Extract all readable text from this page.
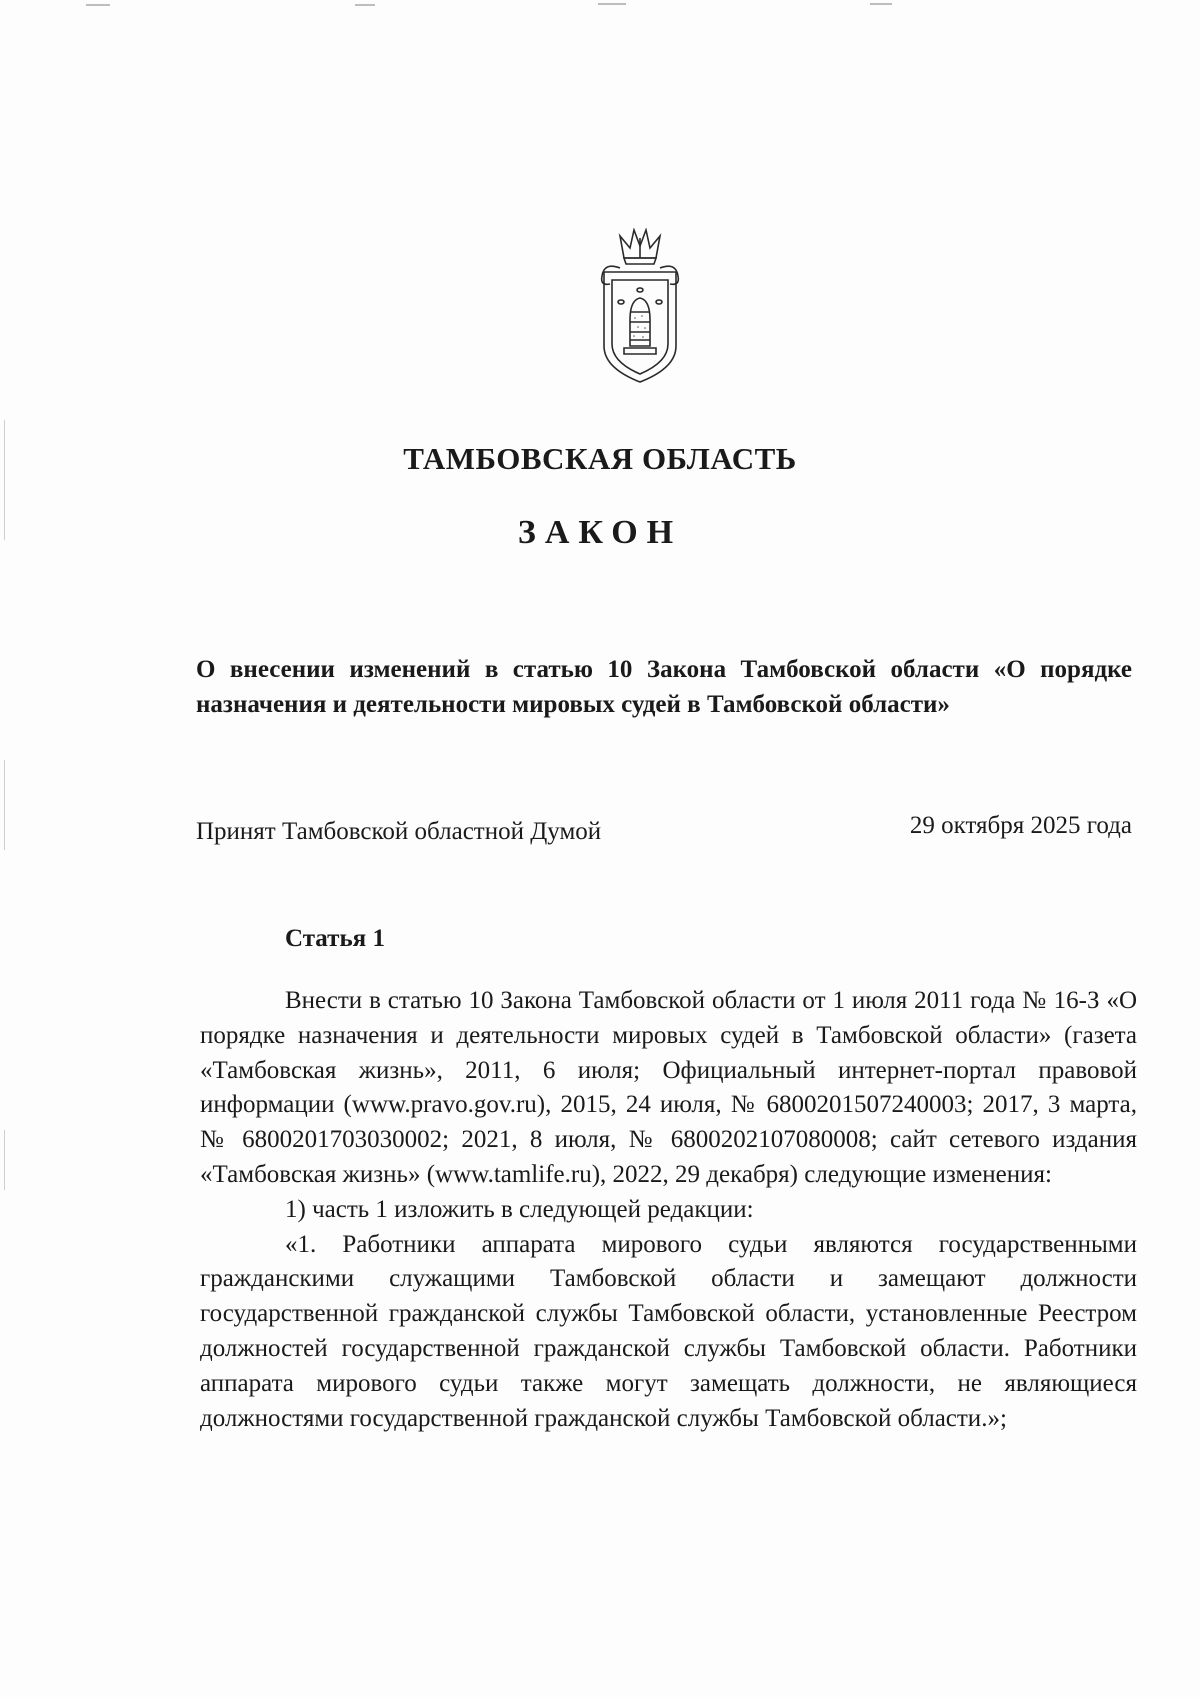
ТАМБОВСКАЯ ОБЛАСТЬ
ЗАКОН
О внесении изменений в статью 10 Закона Тамбовской области «О порядке назначения и деятельности мировых судей в Тамбовской области»
Принят Тамбовской областной Думой	29 октября 2025 года
Статья 1

Внести в статью 10 Закона Тамбовской области от 1 июля 2011 года № 16-З «О порядке назначения и деятельности мировых судей в Тамбовской области» (газета «Тамбовская жизнь», 2011, 6 июля; Официальный интернет-портал правовой информации (www.pravo.gov.ru), 2015, 24 июля, № 6800201507240003; 2017, 3 марта, № 6800201703030002; 2021, 8 июля, № 6800202107080008; сайт сетевого издания «Тамбовская жизнь» (www.tamlife.ru), 2022, 29 декабря) следующие изменения:

1) часть 1 изложить в следующей редакции:

«1. Работники аппарата мирового судьи являются государственными гражданскими служащими Тамбовской области и замещают должности государственной гражданской службы Тамбовской области, установленные Реестром должностей государственной гражданской службы Тамбовской области. Работники аппарата мирового судьи также могут замещать должности, не являющиеся должностями государственной гражданской службы Тамбовской области.»;
